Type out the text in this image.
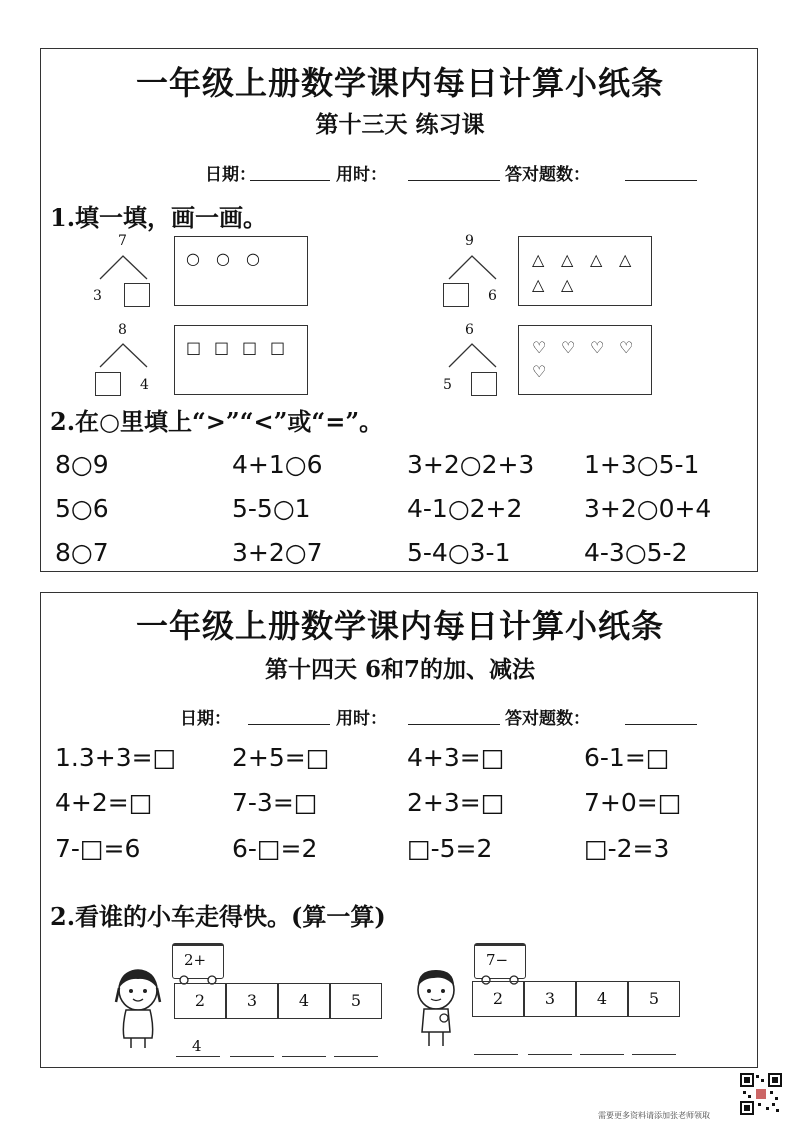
一年级上册数学课内每日计算小纸条
第十三天 练习课
日期：	用时：	答对题数：
1.填一填，画一画。
7
3
○ ○ ○
9
6
△ △ △ △
△ △
8
4
□ □ □ □
6
5
♡ ♡ ♡ ♡
♡
2.在○里填上“>”“<”或“=”。
8○9	4+1○6	3+2○2+3 1+3○5-1
5○6	5-5○1	4-1○2+2 3+2○0+4
8○7	3+2○7	5-4○3-1	4-3○5-2
一年级上册数学课内每日计算小纸条
第十四天 6和7的加、减法
日期：	用时：	答对题数：
1.3+3=□ 2+5=□	4+3=□	6-1=□
4+2=□	7-3=□	2+3=□	7+0=□
7-□=6	6-□=2	□-5=2	□-2=3
2.看谁的小车走得快。(算一算)
2+
2	3	4	5
4
7−
2	3	4	5
需要更多资料请添加张老师领取
